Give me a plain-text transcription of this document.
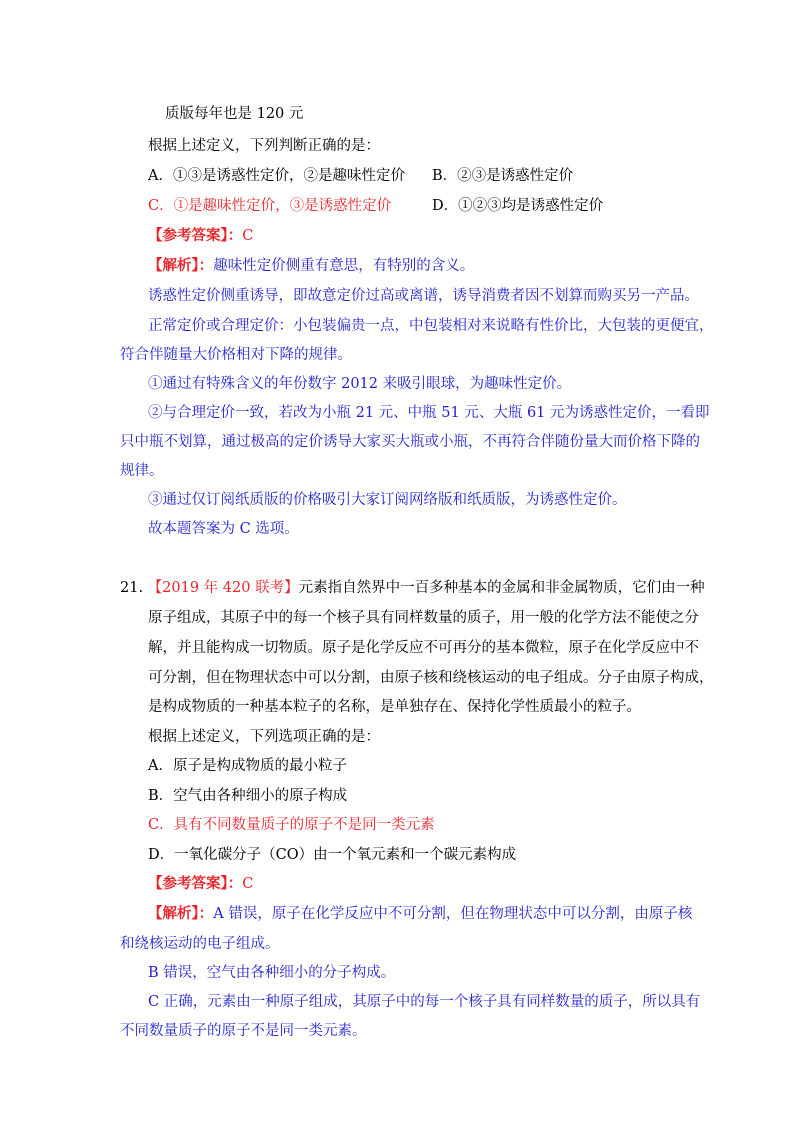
质版每年也是 120 元
根据上述定义，下列判断正确的是：
A．①③是诱惑性定价，②是趣味性定价 B．②③是诱惑性定价
C．①是趣味性定价，③是诱惑性定价	D．①②③均是诱惑性定价
【参考答案】：C
【解析】：趣味性定价侧重有意思，有特别的含义。
诱惑性定价侧重诱导，即故意定价过高或离谱，诱导消费者因不划算而购买另一产品。
正常定价或合理定价：小包装偏贵一点，中包装相对来说略有性价比，大包装的更便宜，
符合伴随量大价格相对下降的规律。
①通过有特殊含义的年份数字 2012 来吸引眼球，为趣味性定价。
②与合理定价一致，若改为小瓶 21 元、中瓶 51 元、大瓶 61 元为诱惑性定价，一看即
只中瓶不划算，通过极高的定价诱导大家买大瓶或小瓶，不再符合伴随份量大而价格下降的
规律。
③通过仅订阅纸质版的价格吸引大家订阅网络版和纸质版，为诱惑性定价。
故本题答案为 C 选项。
21. 【2019 年 420 联考】元素指自然界中一百多种基本的金属和非金属物质，它们由一种
原子组成，其原子中的每一个核子具有同样数量的质子，用一般的化学方法不能使之分
解，并且能构成一切物质。原子是化学反应不可再分的基本微粒，原子在化学反应中不
可分割，但在物理状态中可以分割，由原子核和绕核运动的电子组成。分子由原子构成，
是构成物质的一种基本粒子的名称，是单独存在、保持化学性质最小的粒子。
根据上述定义，下列选项正确的是：
A．原子是构成物质的最小粒子
B．空气由各种细小的原子构成
C．具有不同数量质子的原子不是同一类元素
D．一氧化碳分子（CO）由一个氧元素和一个碳元素构成
【参考答案】：C
【解析】：A 错误，原子在化学反应中不可分割，但在物理状态中可以分割，由原子核
和绕核运动的电子组成。
B 错误，空气由各种细小的分子构成。
C 正确，元素由一种原子组成，其原子中的每一个核子具有同样数量的质子，所以具有
不同数量质子的原子不是同一类元素。
